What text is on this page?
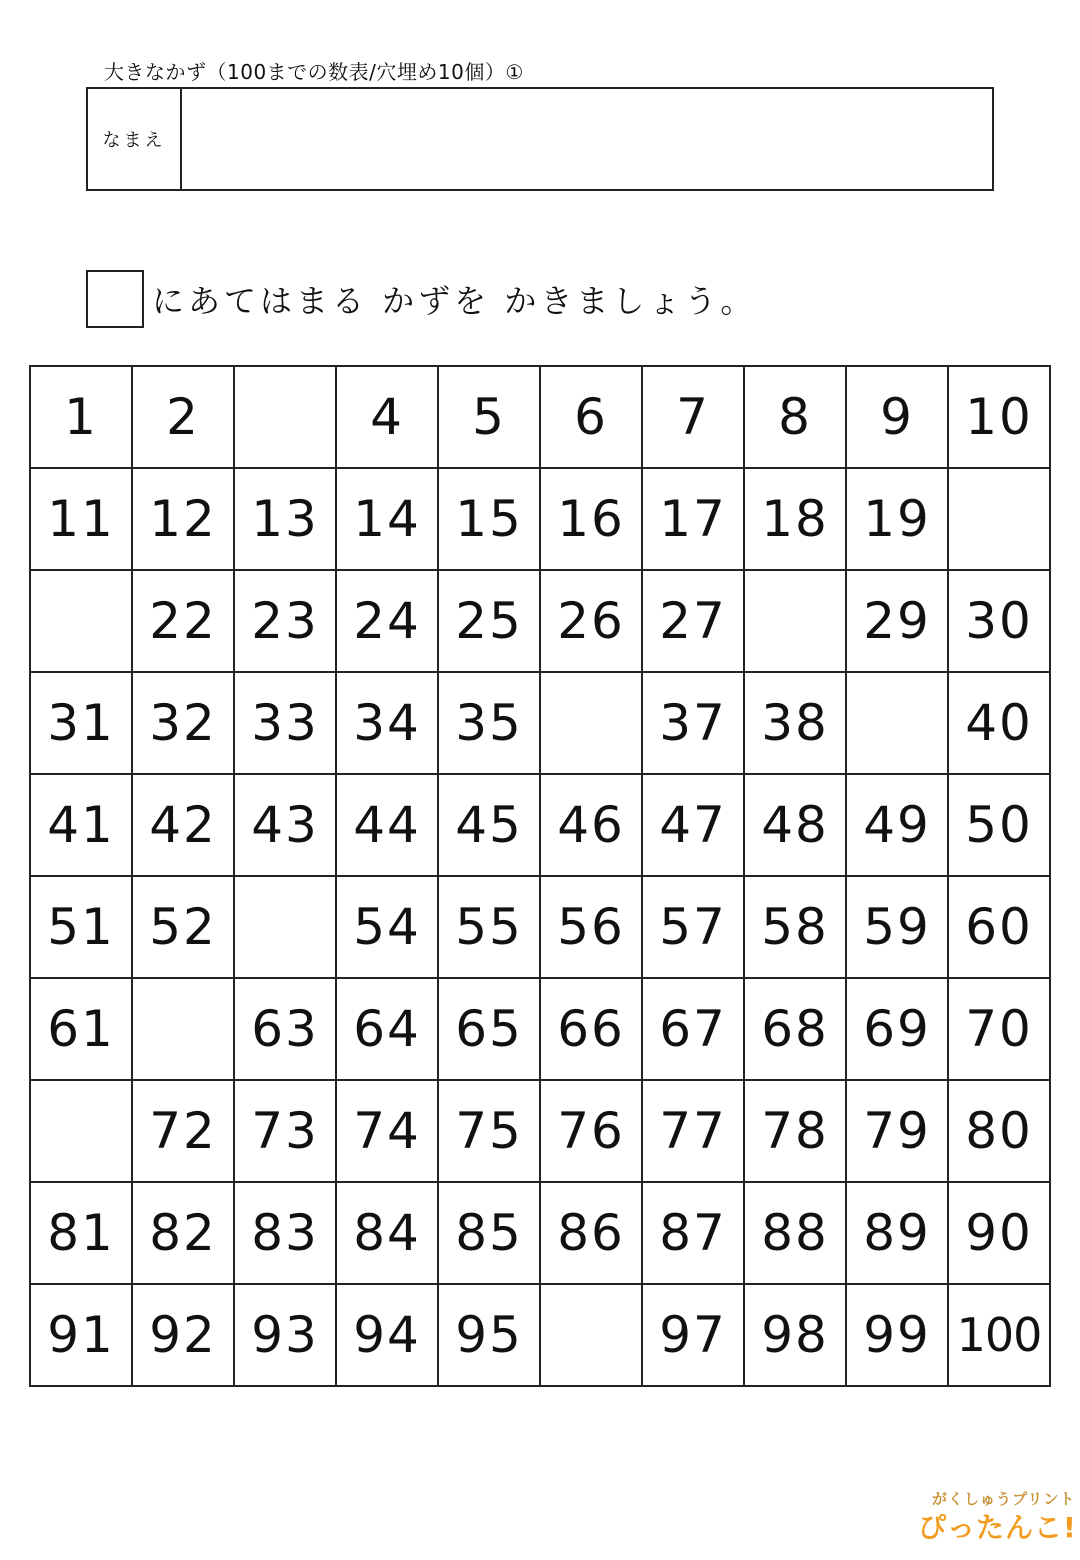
大きなかず（100までの数表/穴埋め10個）①
なまえ
にあてはまる かずを かきましょう。
1	2		4	5	6	7	8	9	10
11	12	13	14	15	16	17	18	19	
	22	23	24	25	26	27		29	30
31	32	33	34	35		37	38		40
41	42	43	44	45	46	47	48	49	50
51	52		54	55	56	57	58	59	60
61		63	64	65	66	67	68	69	70
	72	73	74	75	76	77	78	79	80
81	82	83	84	85	86	87	88	89	90
91	92	93	94	95		97	98	99	100
がくしゅうプリント
ぴったんこ!
